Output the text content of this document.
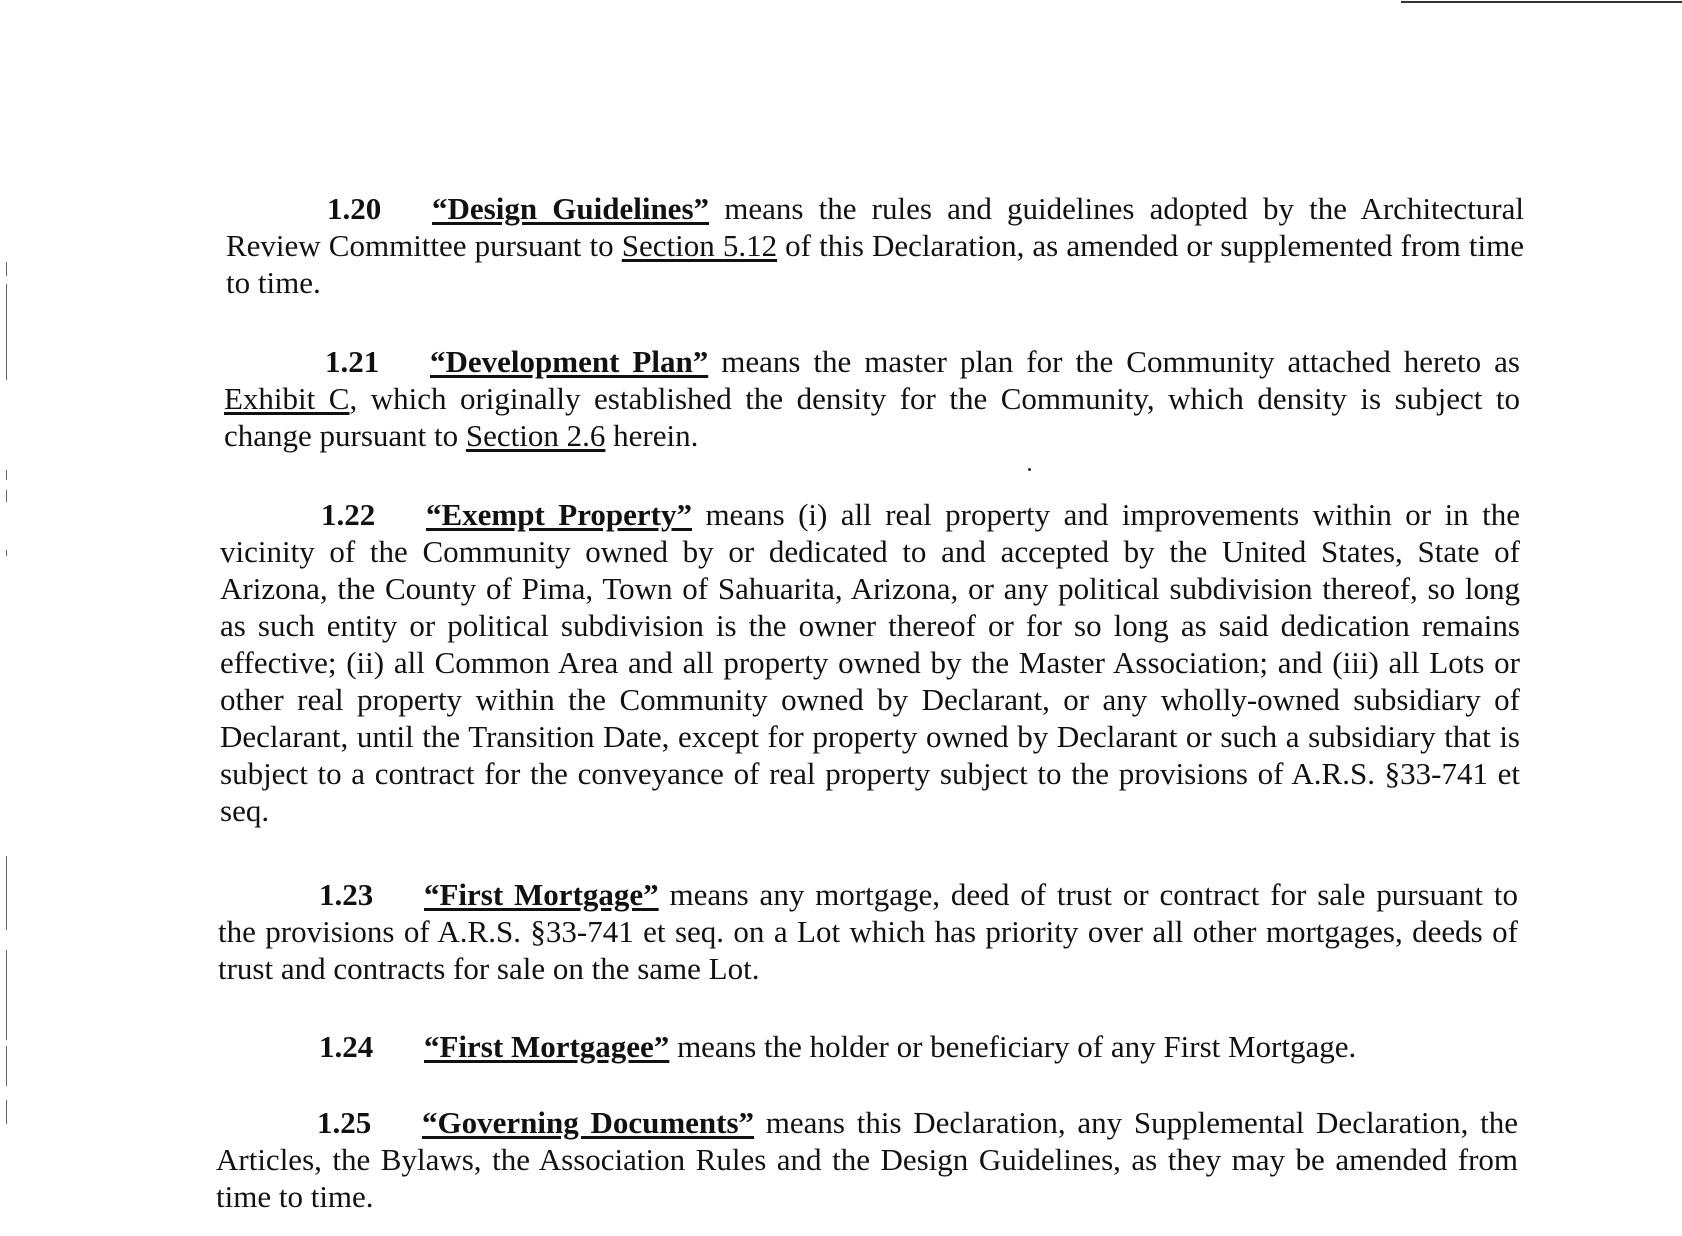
1.20 “Design Guidelines” means the rules and guidelines adopted by the Architectural Review Committee pursuant to Section 5.12 of this Declaration, as amended or supplemented from time to time.

1.21 “Development Plan” means the master plan for the Community attached hereto as Exhibit C, which originally established the density for the Community, which density is subject to change pursuant to Section 2.6 herein.

1.22 “Exempt Property” means (i) all real property and improvements within or in the vicinity of the Community owned by or dedicated to and accepted by the United States, State of Arizona, the County of Pima, Town of Sahuarita, Arizona, or any political subdivision thereof, so long as such entity or political subdivision is the owner thereof or for so long as said dedication remains effective; (ii) all Common Area and all property owned by the Master Association; and (iii) all Lots or other real property within the Community owned by Declarant, or any wholly-owned subsidiary of Declarant, until the Transition Date, except for property owned by Declarant or such a subsidiary that is subject to a contract for the conveyance of real property subject to the provisions of A.R.S. §33-741 et seq.

1.23 “First Mortgage” means any mortgage, deed of trust or contract for sale pursuant to the provisions of A.R.S. §33-741 et seq. on a Lot which has priority over all other mortgages, deeds of trust and contracts for sale on the same Lot.

1.24 “First Mortgagee” means the holder or beneficiary of any First Mortgage.

1.25 “Governing Documents” means this Declaration, any Supplemental Declaration, the Articles, the Bylaws, the Association Rules and the Design Guidelines, as they may be amended from time to time.
